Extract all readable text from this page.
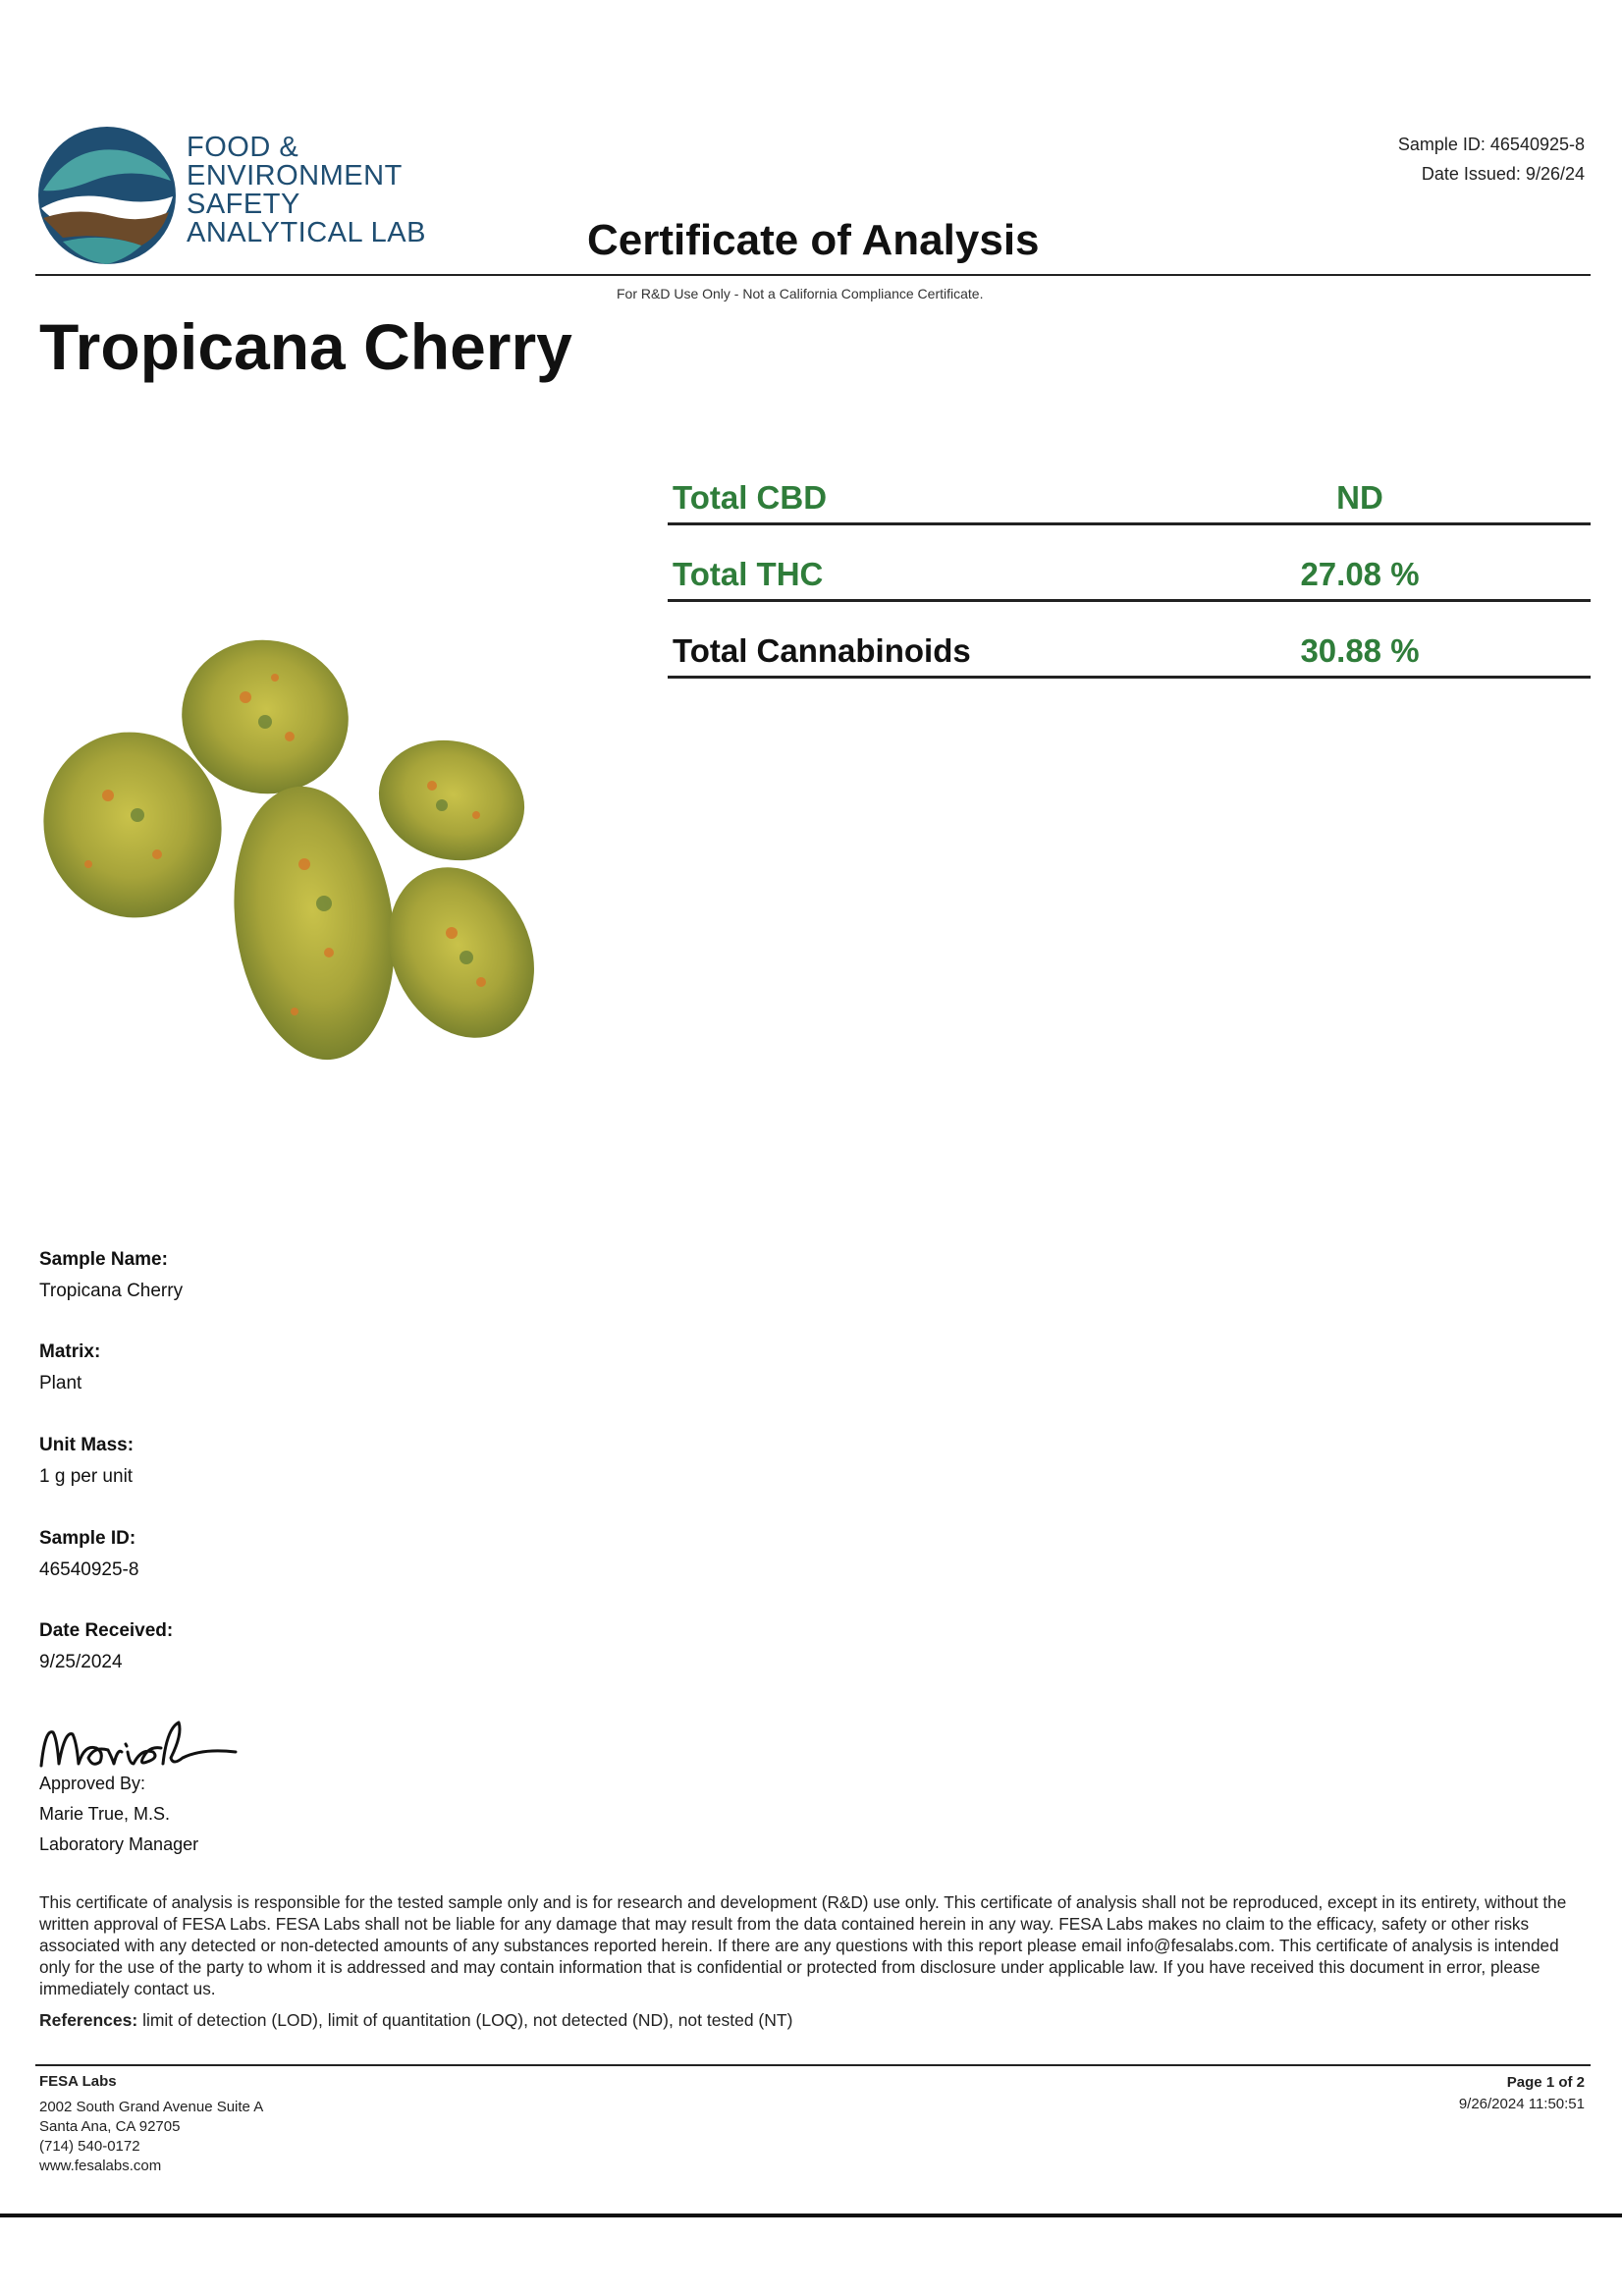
FOOD &
ENVIRONMENT
SAFETY
ANALYTICAL LAB
Sample ID: 46540925-8
Date Issued: 9/26/24
Certificate of Analysis
For R&D Use Only - Not a California Compliance Certificate.
Tropicana Cherry
Total CBD	ND
Total THC	27.08 %
Total Cannabinoids	30.88 %
Sample Name:
Tropicana Cherry
Matrix:
Plant
Unit Mass:
1 g per unit
Sample ID:
46540925-8
Date Received:
9/25/2024
Approved By:
Marie True, M.S.
Laboratory Manager
This certificate of analysis is responsible for the tested sample only and is for research and development (R&D) use only. This certificate of analysis shall not be reproduced, except in its entirety, without the written approval of FESA Labs. FESA Labs shall not be liable for any damage that may result from the data contained herein in any way. FESA Labs makes no claim to the efficacy, safety or other risks associated with any detected or non-detected amounts of any substances reported herein. If there are any questions with this report please email info@fesalabs.com. This certificate of analysis is intended only for the use of the party to whom it is addressed and may contain information that is confidential or protected from disclosure under applicable law. If you have received this document in error, please immediately contact us.
References: limit of detection (LOD), limit of quantitation (LOQ), not detected (ND), not tested (NT)
FESA Labs
2002 South Grand Avenue Suite A
Santa Ana, CA 92705
(714) 540-0172
www.fesalabs.com
Page 1 of 2
9/26/2024 11:50:51
